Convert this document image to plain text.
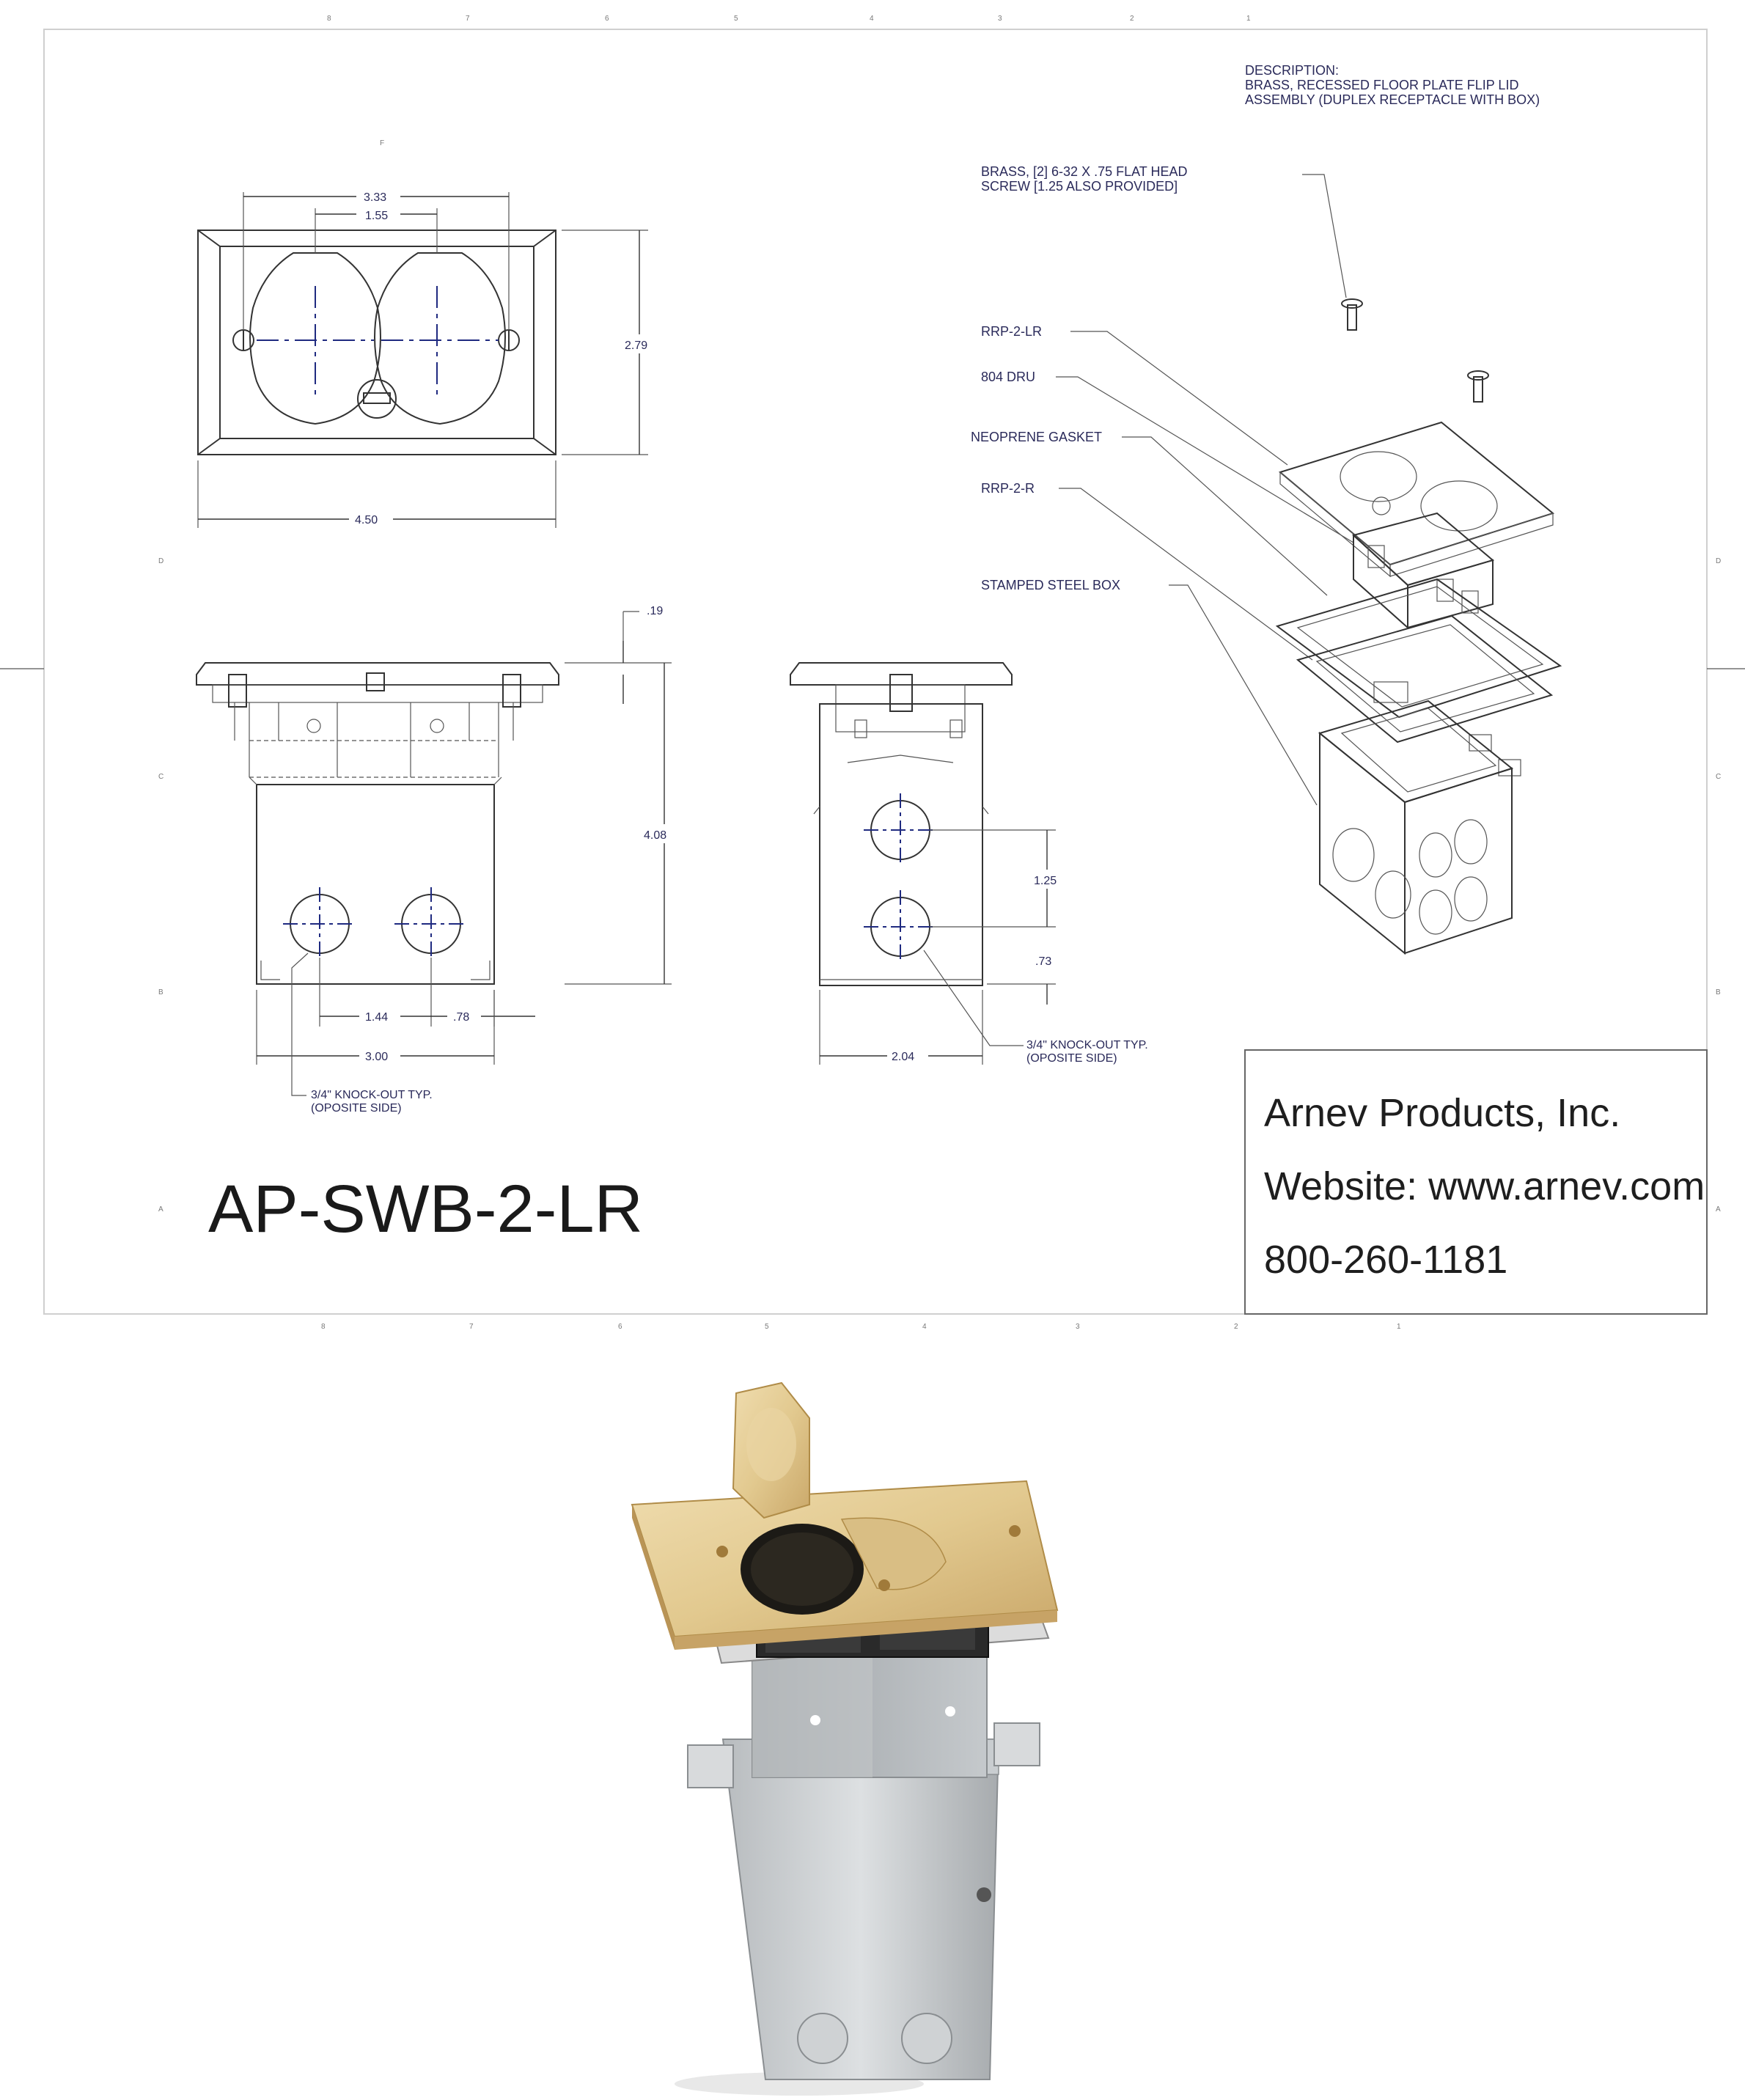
8	7	6	5	4	3	2	1
8	7	6	5	4	3	2	1
F
D
C
B
A
D
C
B
A
3.33
1.55
2.79
4.50
4.08
.19
1.44	.78
3.00
3/4" KNOCK-OUT TYP.
(OPOSITE SIDE)
1.25
.73
2.04
3/4" KNOCK-OUT TYP.
(OPOSITE SIDE)
DESCRIPTION:
BRASS, RECESSED FLOOR PLATE FLIP LID
ASSEMBLY (DUPLEX RECEPTACLE WITH BOX)
BRASS, [2] 6-32 X .75 FLAT HEAD
SCREW [1.25 ALSO PROVIDED]
RRP-2-LR
804 DRU
NEOPRENE GASKET
RRP-2-R
STAMPED STEEL BOX
AP-SWB-2-LR
Arnev Products, Inc.
Website: www.arnev.com
800-260-1181
